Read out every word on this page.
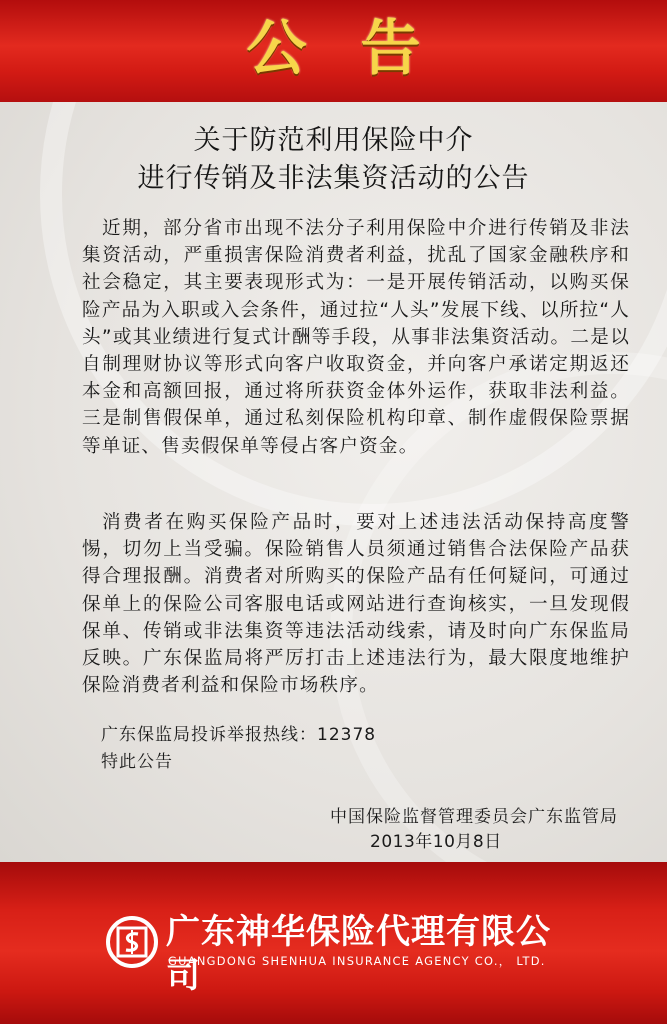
公告
关于防范利用保险中介
进行传销及非法集资活动的公告
近期，部分省市出现不法分子利用保险中介进行传销及非法集资活动，严重损害保险消费者利益，扰乱了国家金融秩序和社会稳定，其主要表现形式为：一是开展传销活动，以购买保险产品为入职或入会条件，通过拉“人头”发展下线、以所拉“人头”或其业绩进行复式计酬等手段，从事非法集资活动。二是以自制理财协议等形式向客户收取资金，并向客户承诺定期返还本金和高额回报，通过将所获资金体外运作，获取非法利益。三是制售假保单，通过私刻保险机构印章、制作虚假保险票据等单证、售卖假保单等侵占客户资金。
消费者在购买保险产品时，要对上述违法活动保持高度警惕，切勿上当受骗。保险销售人员须通过销售合法保险产品获得合理报酬。消费者对所购买的保险产品有任何疑问，可通过保单上的保险公司客服电话或网站进行查询核实，一旦发现假保单、传销或非法集资等违法活动线索，请及时向广东保监局反映。广东保监局将严厉打击上述违法行为，最大限度地维护保险消费者利益和保险市场秩序。
广东保监局投诉举报热线：12378
特此公告
中国保险监督管理委员会广东监管局
2013年10月8日
广东神华保险代理有限公司
GUANGDONG SHENHUA INSURANCE AGENCY CO.， LTD.
